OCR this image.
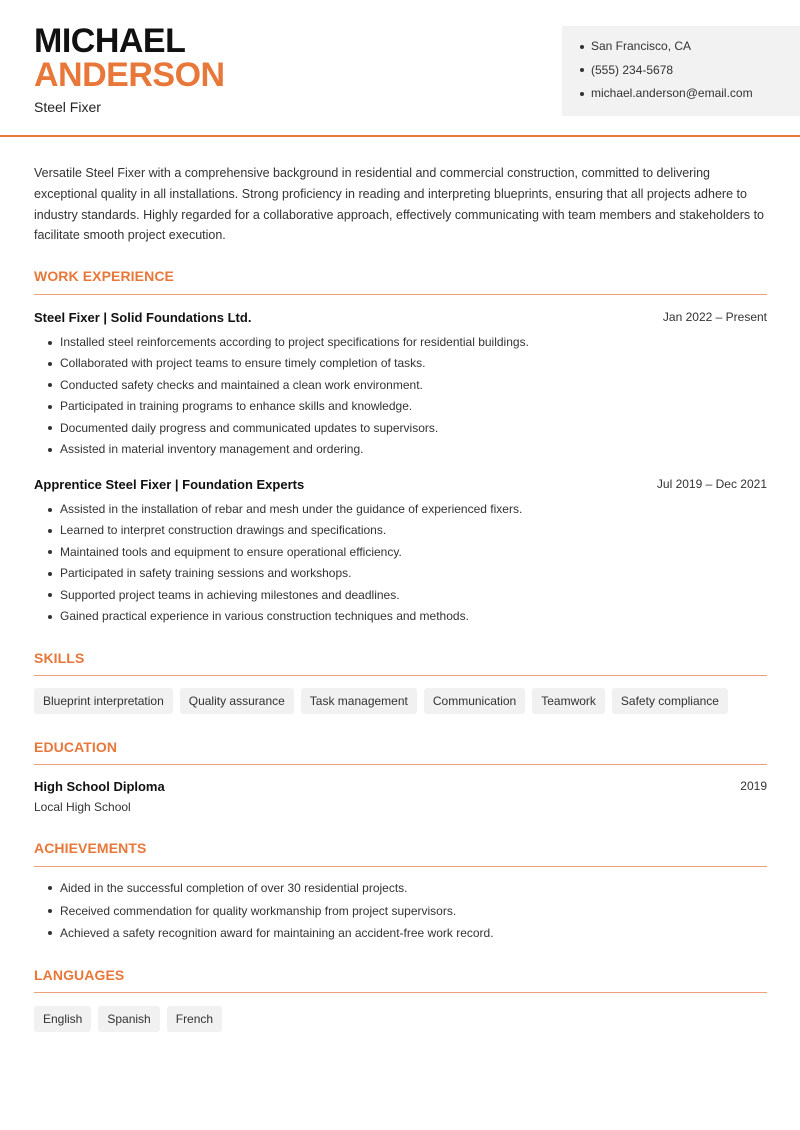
MICHAEL
ANDERSON
Steel Fixer
San Francisco, CA
(555) 234-5678
michael.anderson@email.com

Versatile Steel Fixer with a comprehensive background in residential and commercial construction, committed to delivering exceptional quality in all installations. Strong proficiency in reading and interpreting blueprints, ensuring that all projects adhere to industry standards. Highly regarded for a collaborative approach, effectively communicating with team members and stakeholders to facilitate smooth project execution.

WORK EXPERIENCE
Steel Fixer | Solid Foundations Ltd.	Jan 2022 – Present
Installed steel reinforcements according to project specifications for residential buildings.
Collaborated with project teams to ensure timely completion of tasks.
Conducted safety checks and maintained a clean work environment.
Participated in training programs to enhance skills and knowledge.
Documented daily progress and communicated updates to supervisors.
Assisted in material inventory management and ordering.
Apprentice Steel Fixer | Foundation Experts	Jul 2019 – Dec 2021
Assisted in the installation of rebar and mesh under the guidance of experienced fixers.
Learned to interpret construction drawings and specifications.
Maintained tools and equipment to ensure operational efficiency.
Participated in safety training sessions and workshops.
Supported project teams in achieving milestones and deadlines.
Gained practical experience in various construction techniques and methods.
SKILLS
Blueprint interpretation	Quality assurance	Task management	Communication	Teamwork	Safety compliance
EDUCATION
High School Diploma	2019
Local High School
ACHIEVEMENTS
Aided in the successful completion of over 30 residential projects.
Received commendation for quality workmanship from project supervisors.
Achieved a safety recognition award for maintaining an accident-free work record.
LANGUAGES
English	Spanish	French
